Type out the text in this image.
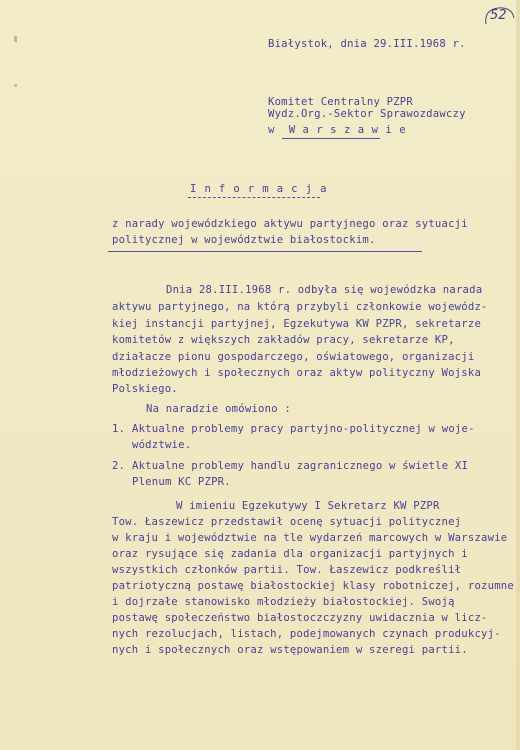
52
Białystok, dnia 29.III.1968 r.
Komitet Centralny PZPR
Wydz.Org.-Sektor Sprawozdawczy
w  W a r s z a w i e
I n f o r m a c j a
z narady wojewódzkiego aktywu partyjnego oraz sytuacji
politycznej w województwie białostockim.
Dnia 28.III.1968 r. odbyła się wojewódzka narada
aktywu partyjnego, na którą przybyli członkowie wojewódz-
kiej instancji partyjnej, Egzekutywa KW PZPR, sekretarze
komitetów z większych zakładów pracy, sekretarze KP,
działacze pionu gospodarczego, oświatowego, organizacji
młodzieżowych i społecznych oraz aktyw polityczny Wojska
Polskiego.
Na naradzie omówiono :
1. Aktualne problemy pracy partyjno-politycznej w woje-
wództwie.
2. Aktualne problemy handlu zagranicznego w świetle XI
Plenum KC PZPR.
W imieniu Egzekutywy I Sekretarz KW PZPR
Tow. Łaszewicz przedstawił ocenę sytuacji politycznej
w kraju i województwie na tle wydarzeń marcowych w Warszawie
oraz rysujące się zadania dla organizacji partyjnych i
wszystkich członków partii. Tow. Łaszewicz podkreślił
patriotyczną postawę białostockiej klasy robotniczej, rozumne
i dojrzałe stanowisko młodzieży białostockiej. Swoją
postawę społeczeństwo białostoczczyzny uwidacznia w licz-
nych rezolucjach, listach, podejmowanych czynach produkcyj-
nych i społecznych oraz wstępowaniem w szeregi partii.
